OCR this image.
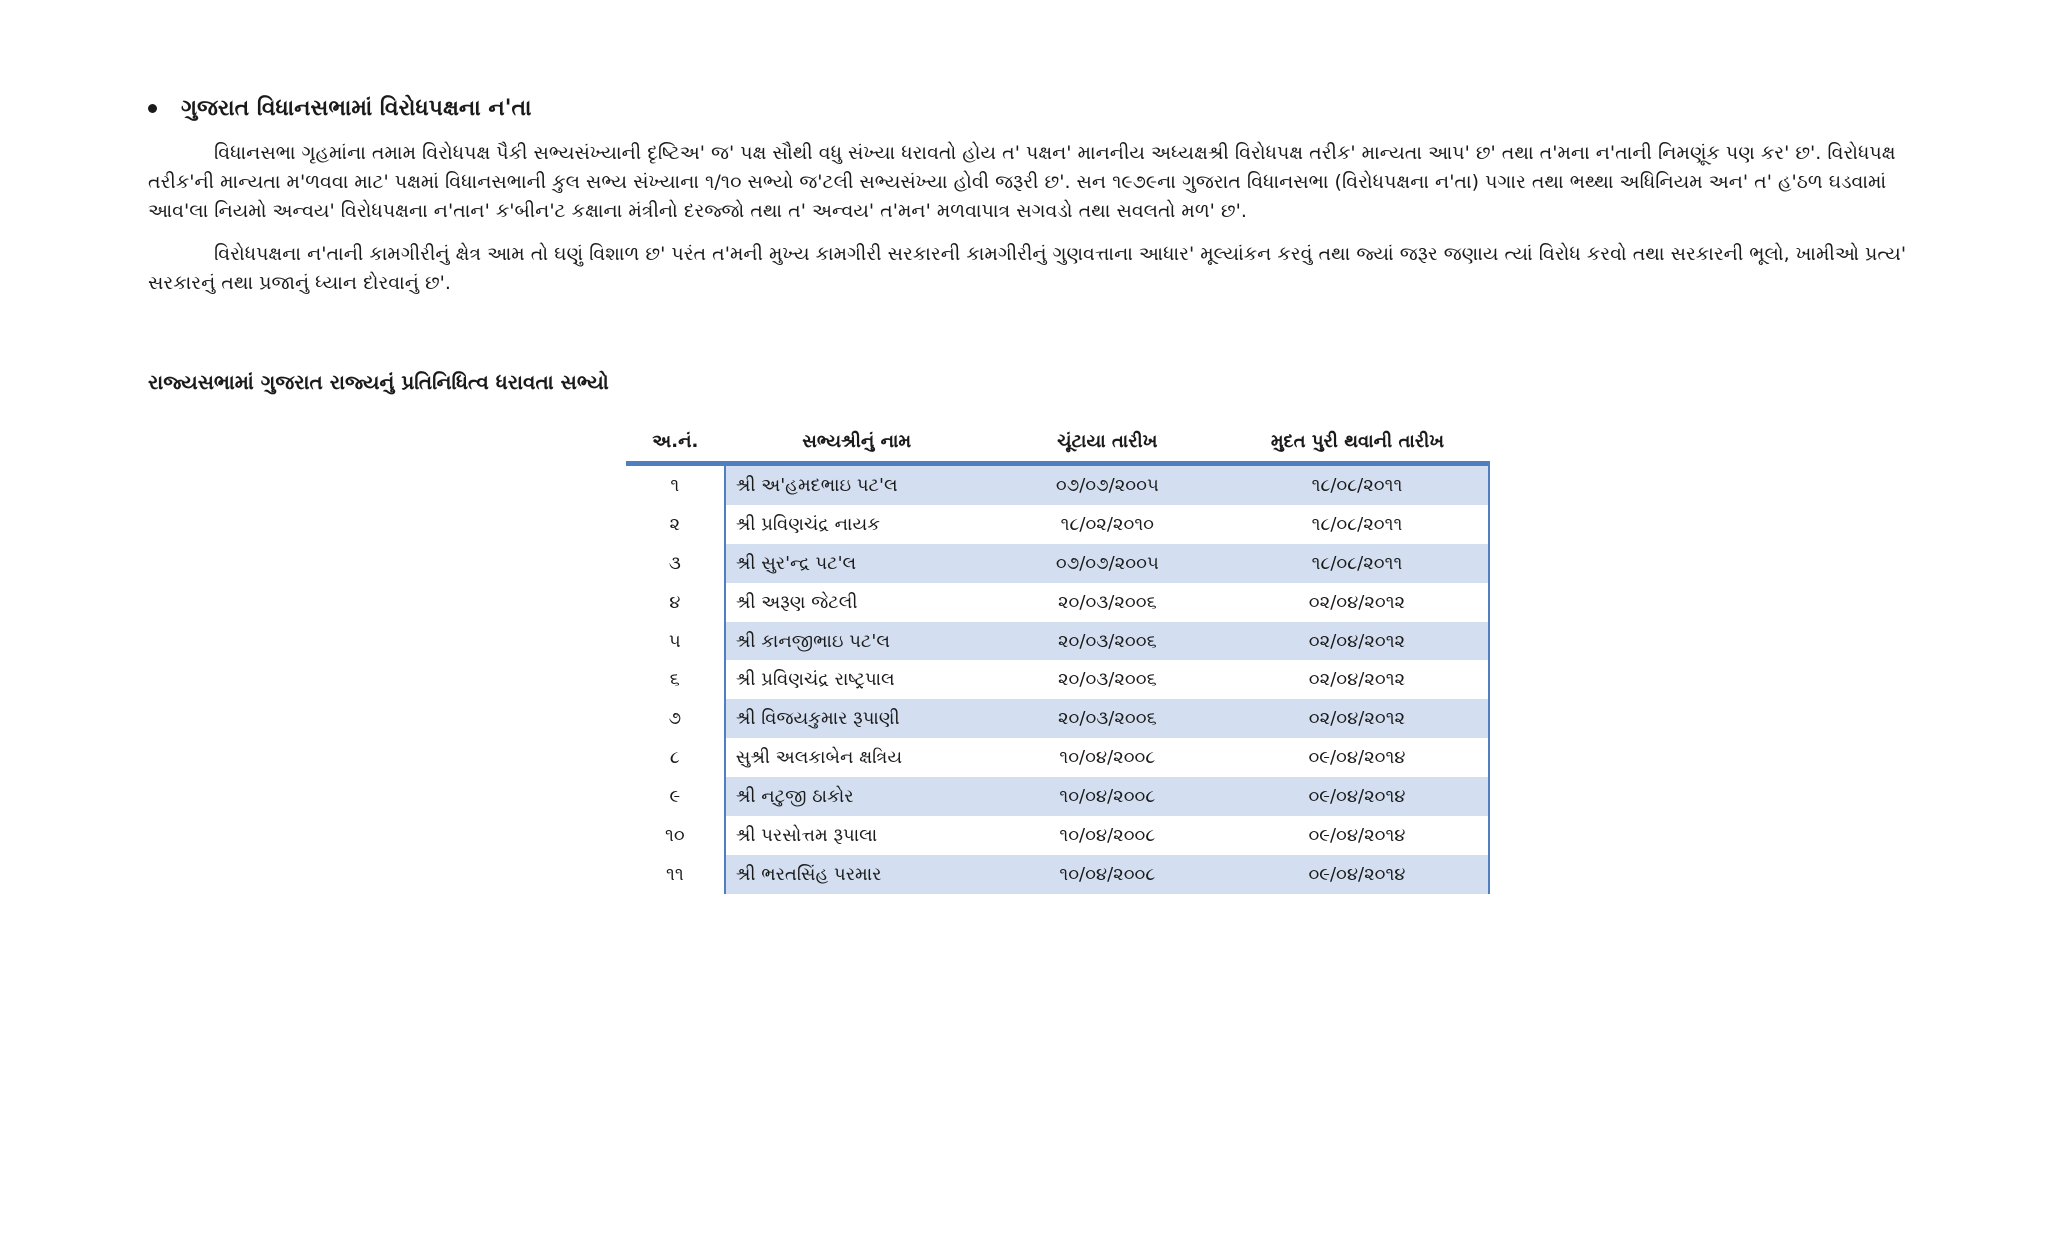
ગુજરાત વિધાનસભામાં વિરોધપક્ષના ન'તા

વિધાનસભા ગૃહમાંના તમામ વિરોધપક્ષ પૈકી સભ્યસંખ્યાની દૃષ્ટિઅ' જ' પક્ષ સૌથી વધુ સંખ્યા ધરાવતો હોય ત' પક્ષન' માનનીય અધ્યક્ષશ્રી વિરોધપક્ષ તરીક' માન્યતા આપ' છ' તથા ત'મના ન'તાની નિમણૂંક પણ કર' છ'. વિરોધપક્ષ તરીક'ની માન્યતા મ'ળવવા માટ' પક્ષમાં વિધાનસભાની કુલ સભ્ય સંખ્યાના ૧/૧૦ સભ્યો જ'ટલી સભ્યસંખ્યા હોવી જરૂરી છ'. સન ૧૯૭૯ના ગુજરાત વિધાનસભા (વિરોધપક્ષના ન'તા) પગાર તથા ભથ્થા અધિનિયમ અન' ત' હ'ઠળ ઘડવામાં આવ'લા નિયમો અન્વય' વિરોધપક્ષના ન'તાન' ક'બીન'ટ કક્ષાના મંત્રીનો દરજ્જો તથા ત' અન્વય' ત'મન' મળવાપાત્ર સગવડો તથા સવલતો મળ' છ'.

વિરોધપક્ષના ન'તાની કામગીરીનું ક્ષેત્ર આમ તો ઘણું વિશાળ છ' પરંત ત'મની મુખ્ય કામગીરી સરકારની કામગીરીનું ગુણવત્તાના આધાર' મૂલ્યાંકન કરવું તથા જ્યાં જરૂર જણાય ત્યાં વિરોધ કરવો તથા સરકારની ભૂલો, ખામીઓ પ્રત્ય' સરકારનું તથા પ્રજાનું ધ્યાન દોરવાનું છ'.

રાજ્યસભામાં ગુજરાત રાજ્યનું પ્રતિનિધિત્વ ધરાવતા સભ્યો
અ.નં.	સભ્યશ્રીનું નામ	ચૂંટાયા તારીખ	મુદત પુરી થવાની તારીખ
૧	શ્રી અ'હમદભાઇ પટ'લ	૦૭/૦૭/૨૦૦૫	૧૮/૦૮/૨૦૧૧
૨	શ્રી પ્રવિણચંદ્ર નાયક	૧૮/૦૨/૨૦૧૦	૧૮/૦૮/૨૦૧૧
૩	શ્રી સુર'ન્દ્ર પટ'લ	૦૭/૦૭/૨૦૦૫	૧૮/૦૮/૨૦૧૧
૪	શ્રી અરૂણ જેટલી	૨૦/૦૩/૨૦૦૬	૦૨/૦૪/૨૦૧૨
૫	શ્રી કાનજીભાઇ પટ'લ	૨૦/૦૩/૨૦૦૬	૦૨/૦૪/૨૦૧૨
૬	શ્રી પ્રવિણચંદ્ર રાષ્ટ્રપાલ	૨૦/૦૩/૨૦૦૬	૦૨/૦૪/૨૦૧૨
૭	શ્રી વિજયકુમાર રૂપાણી	૨૦/૦૩/૨૦૦૬	૦૨/૦૪/૨૦૧૨
૮	સુશ્રી અલકાબેન ક્ષત્રિય	૧૦/૦૪/૨૦૦૮	૦૯/૦૪/૨૦૧૪
૯	શ્રી નટુજી ઠાકોર	૧૦/૦૪/૨૦૦૮	૦૯/૦૪/૨૦૧૪
૧૦	શ્રી પરસોત્તમ રૂપાલા	૧૦/૦૪/૨૦૦૮	૦૯/૦૪/૨૦૧૪
૧૧	શ્રી ભરતસિંહ પરમાર	૧૦/૦૪/૨૦૦૮	૦૯/૦૪/૨૦૧૪
